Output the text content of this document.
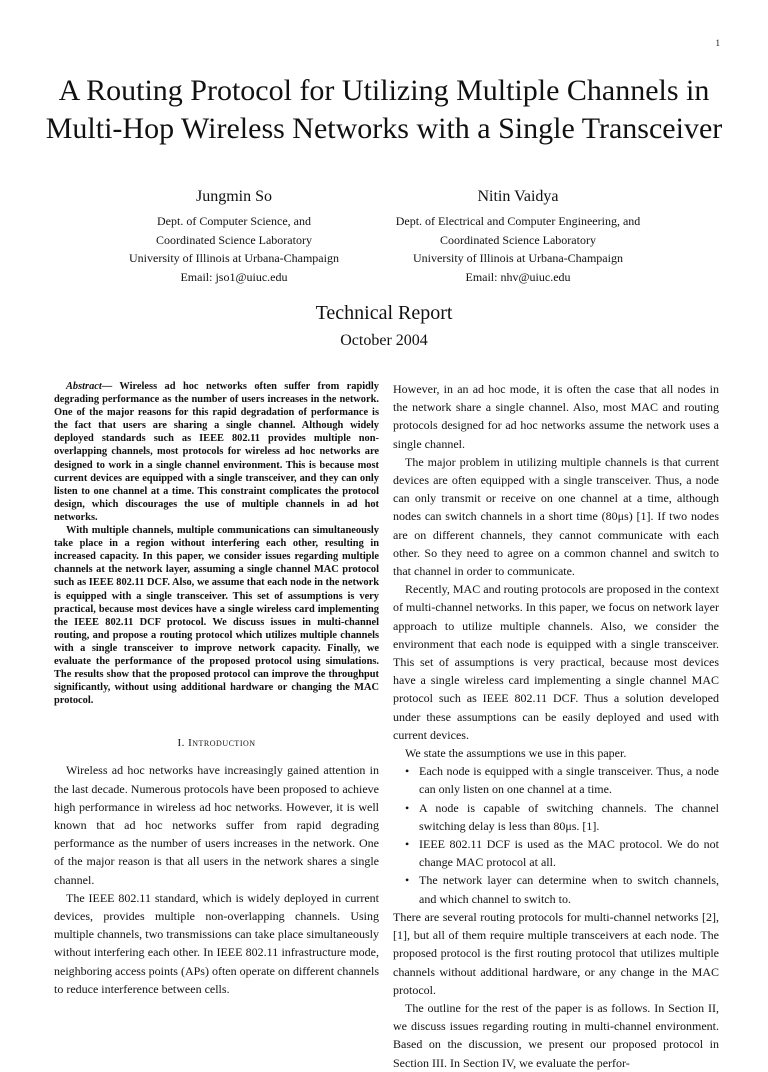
1
A Routing Protocol for Utilizing Multiple Channels in Multi-Hop Wireless Networks with a Single Transceiver
Jungmin So
Dept. of Computer Science, and
Coordinated Science Laboratory
University of Illinois at Urbana-Champaign
Email: jso1@uiuc.edu
Nitin Vaidya
Dept. of Electrical and Computer Engineering, and
Coordinated Science Laboratory
University of Illinois at Urbana-Champaign
Email: nhv@uiuc.edu
Technical Report
October 2004

Abstract— Wireless ad hoc networks often suffer from rapidly degrading performance as the number of users increases in the network. One of the major reasons for this rapid degradation of performance is the fact that users are sharing a single channel. Although widely deployed standards such as IEEE 802.11 provides multiple non-overlapping channels, most protocols for wireless ad hoc networks are designed to work in a single channel environment. This is because most current devices are equipped with a single transceiver, and they can only listen to one channel at a time. This constraint complicates the protocol design, which discourages the use of multiple channels in ad hot networks.

With multiple channels, multiple communications can simultaneously take place in a region without interfering each other, resulting in increased capacity. In this paper, we consider issues regarding multiple channels at the network layer, assuming a single channel MAC protocol such as IEEE 802.11 DCF. Also, we assume that each node in the network is equipped with a single transceiver. This set of assumptions is very practical, because most devices have a single wireless card implementing the IEEE 802.11 DCF protocol. We discuss issues in multi-channel routing, and propose a routing protocol which utilizes multiple channels with a single transceiver to improve network capacity. Finally, we evaluate the performance of the proposed protocol using simulations. The results show that the proposed protocol can improve the throughput significantly, without using additional hardware or changing the MAC protocol.

I. Introduction

Wireless ad hoc networks have increasingly gained attention in the last decade. Numerous protocols have been proposed to achieve high performance in wireless ad hoc networks. However, it is well known that ad hoc networks suffer from rapid degrading performance as the number of users increases in the network. One of the major reason is that all users in the network shares a single channel.

The IEEE 802.11 standard, which is widely deployed in current devices, provides multiple non-overlapping channels. Using multiple channels, two transmissions can take place simultaneously without interfering each other. In IEEE 802.11 infrastructure mode, neighboring access points (APs) often operate on different channels to reduce interference between cells.

However, in an ad hoc mode, it is often the case that all nodes in the network share a single channel. Also, most MAC and routing protocols designed for ad hoc networks assume the network uses a single channel.

The major problem in utilizing multiple channels is that current devices are often equipped with a single transceiver. Thus, a node can only transmit or receive on one channel at a time, although nodes can switch channels in a short time (80μs) [1]. If two nodes are on different channels, they cannot communicate with each other. So they need to agree on a common channel and switch to that channel in order to communicate.

Recently, MAC and routing protocols are proposed in the context of multi-channel networks. In this paper, we focus on network layer approach to utilize multiple channels. Also, we consider the environment that each node is equipped with a single transceiver. This set of assumptions is very practical, because most devices have a single wireless card implementing a single channel MAC protocol such as IEEE 802.11 DCF. Thus a solution developed under these assumptions can be easily deployed and used with current devices.

We state the assumptions we use in this paper.

• Each node is equipped with a single transceiver. Thus, a node can only listen on one channel at a time.
• A node is capable of switching channels. The channel switching delay is less than 80μs. [1].
• IEEE 802.11 DCF is used as the MAC protocol. We do not change MAC protocol at all.
• The network layer can determine when to switch channels, and which channel to switch to.

There are several routing protocols for multi-channel networks [2], [1], but all of them require multiple transceivers at each node. The proposed protocol is the first routing protocol that utilizes multiple channels without additional hardware, or any change in the MAC protocol.

The outline for the rest of the paper is as follows. In Section II, we discuss issues regarding routing in multi-channel environment. Based on the discussion, we present our proposed protocol in Section III. In Section IV, we evaluate the perfor-
